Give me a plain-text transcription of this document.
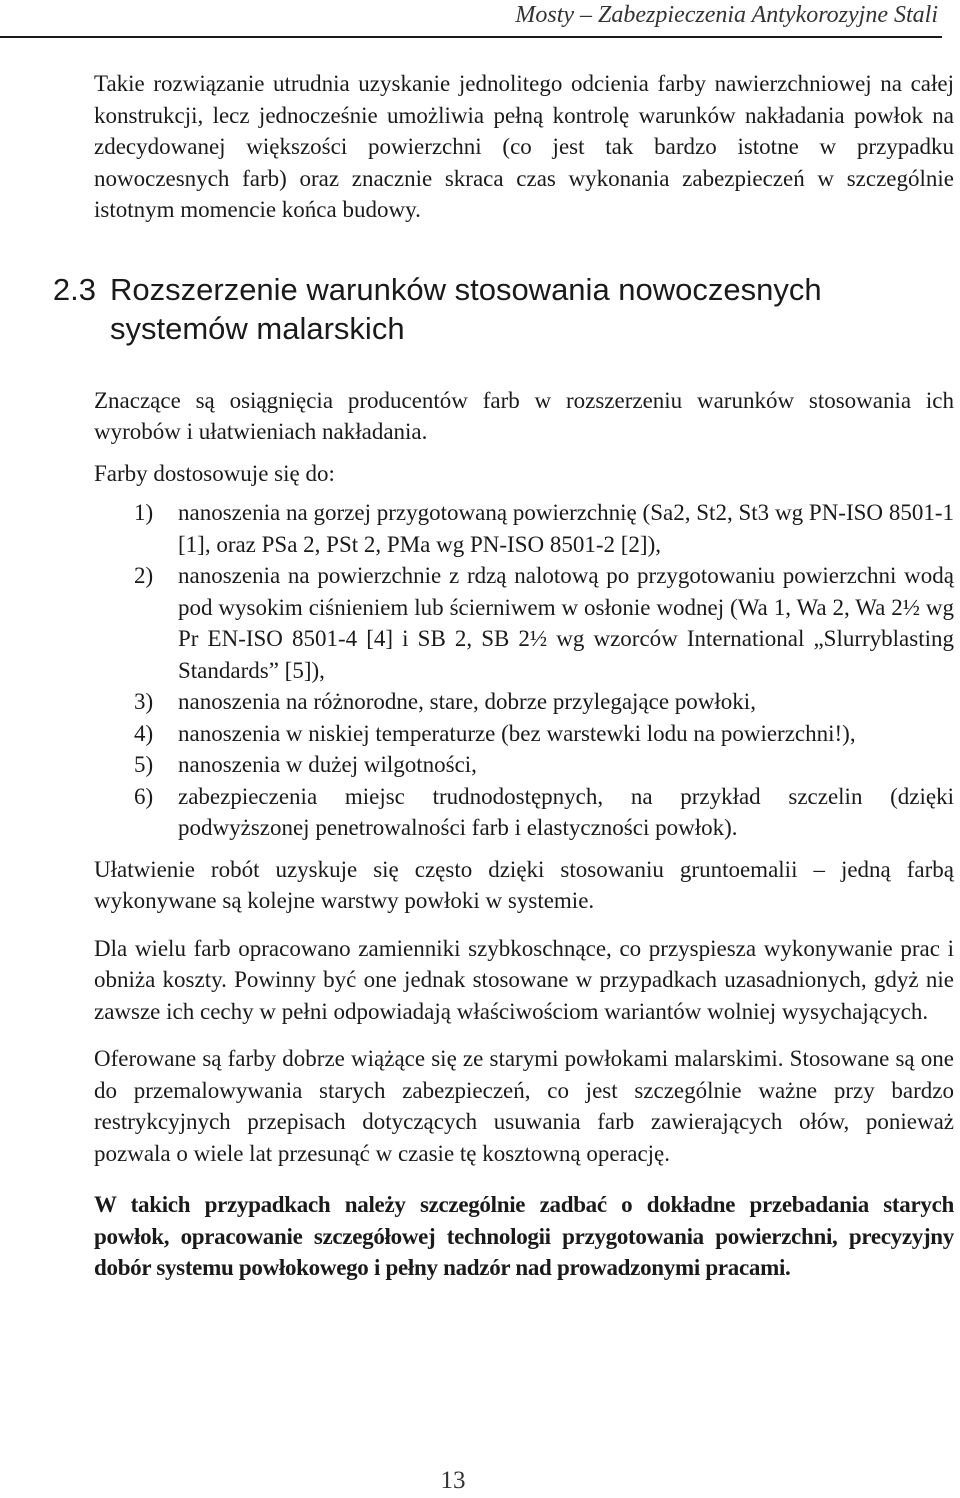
Mosty – Zabezpieczenia Antykorozyjne Stali

Takie rozwiązanie utrudnia uzyskanie jednolitego odcienia farby nawierzchniowej na całej konstrukcji, lecz jednocześnie umożliwia pełną kontrolę warunków nakładania powłok na zdecydowanej większości powierzchni (co jest tak bardzo istotne w przypadku nowoczesnych farb) oraz znacznie skraca czas wykonania zabezpieczeń w szczególnie istotnym momencie końca budowy.

2.3 Rozszerzenie warunków stosowania nowoczesnych systemów malarskich

Znaczące są osiągnięcia producentów farb w rozszerzeniu warunków stosowania ich wyrobów i ułatwieniach nakładania.

Farby dostosowuje się do:

1)	nanoszenia na gorzej przygotowaną powierzchnię (Sa2, St2, St3 wg PN-ISO 8501-1 [1], oraz PSa 2, PSt 2, PMa wg PN-ISO 8501-2 [2]),
2)	nanoszenia na powierzchnie z rdzą nalotową po przygotowaniu powierzchni wodą pod wysokim ciśnieniem lub ścierniwem w osłonie wodnej (Wa 1, Wa 2, Wa 2½ wg Pr EN-ISO 8501-4 [4] i SB 2, SB 2½ wg wzorców International „Slurryblasting Standards” [5]),
3)	nanoszenia na różnorodne, stare, dobrze przylegające powłoki,
4)	nanoszenia w niskiej temperaturze (bez warstewki lodu na powierzchni!),
5)	nanoszenia w dużej wilgotności,
6)	zabezpieczenia miejsc trudnodostępnych, na przykład szczelin (dzięki podwyższonej penetrowalności farb i elastyczności powłok).

Ułatwienie robót uzyskuje się często dzięki stosowaniu gruntoemalii – jedną farbą wykonywane są kolejne warstwy powłoki w systemie.

Dla wielu farb opracowano zamienniki szybkoschnące, co przyspiesza wykonywanie prac i obniża koszty. Powinny być one jednak stosowane w przypadkach uzasadnionych, gdyż nie zawsze ich cechy w pełni odpowiadają właściwościom wariantów wolniej wysychających.

Oferowane są farby dobrze wiążące się ze starymi powłokami malarskimi. Stosowane są one do przemalowywania starych zabezpieczeń, co jest szczególnie ważne przy bardzo restrykcyjnych przepisach dotyczących usuwania farb zawierających ołów, ponieważ pozwala o wiele lat przesunąć w czasie tę kosztowną operację.

W takich przypadkach należy szczególnie zadbać o dokładne przebadania starych powłok, opracowanie szczegółowej technologii przygotowania powierzchni, precyzyjny dobór systemu powłokowego i pełny nadzór nad prowadzonymi pracami.

13
